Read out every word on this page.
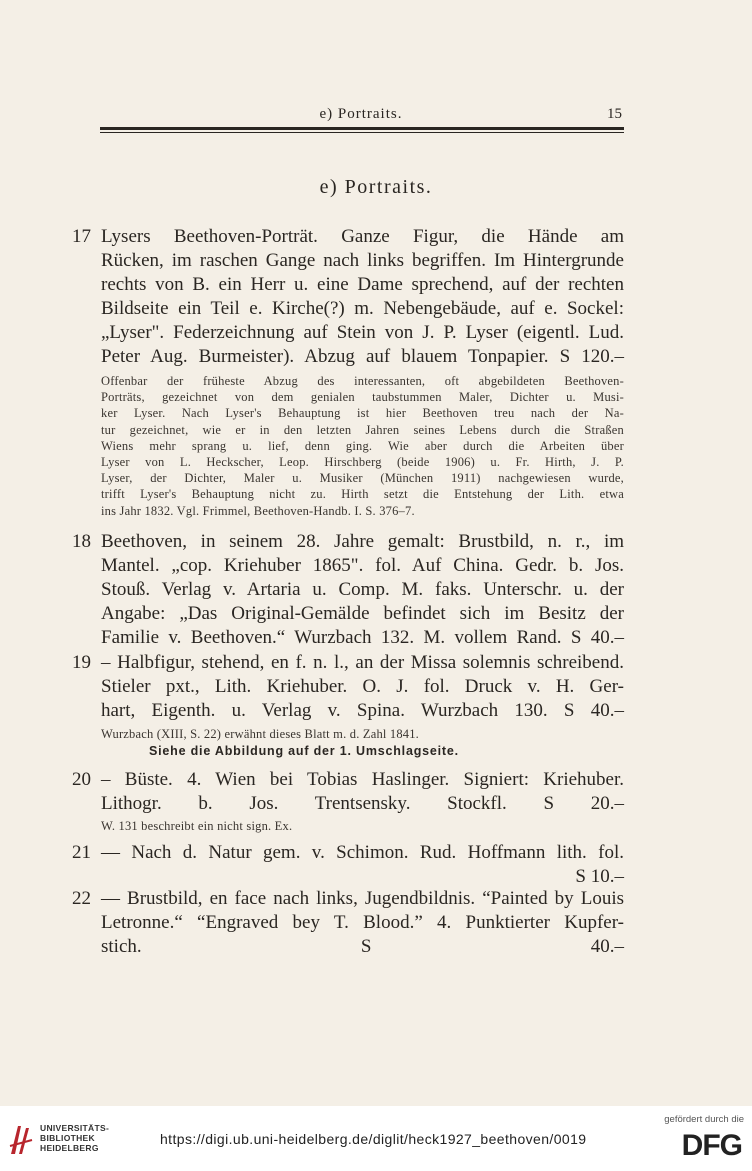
e) Portraits.	15
e) Portraits.
17 Lysers Beethoven-Porträt. Ganze Figur, die Hände am
Rücken, im raschen Gange nach links begriffen. Im Hintergrunde
rechts von B. ein Herr u. eine Dame sprechend, auf der rechten
Bildseite ein Teil e. Kirche(?) m. Nebengebäude, auf e. Sockel:
„Lyser". Federzeichnung auf Stein von J. P. Lyser (eigentl. Lud.
Peter Aug. Burmeister). Abzug auf blauem Tonpapier. S 120.–
Offenbar der früheste Abzug des interessanten, oft abgebildeten Beethoven-
Porträts, gezeichnet von dem genialen taubstummen Maler, Dichter u. Musi-
ker Lyser. Nach Lyser's Behauptung ist hier Beethoven treu nach der Na-
tur gezeichnet, wie er in den letzten Jahren seines Lebens durch die Straßen
Wiens mehr sprang u. lief, denn ging. Wie aber durch die Arbeiten über
Lyser von L. Heckscher, Leop. Hirschberg (beide 1906) u. Fr. Hirth, J. P.
Lyser, der Dichter, Maler u. Musiker (München 1911) nachgewiesen wurde,
trifft Lyser's Behauptung nicht zu. Hirth setzt die Entstehung der Lith. etwa
ins Jahr 1832. Vgl. Frimmel, Beethoven-Handb. I. S. 376–7.
18 Beethoven, in seinem 28. Jahre gemalt: Brustbild, n. r., im
Mantel. „cop. Kriehuber 1865". fol. Auf China. Gedr. b. Jos.
Stouß. Verlag v. Artaria u. Comp. M. faks. Unterschr. u. der
Angabe: „Das Original-Gemälde befindet sich im Besitz der
Familie v. Beethoven.“ Wurzbach 132. M. vollem Rand. S 40.–
19 – Halbfigur, stehend, en f. n. l., an der Missa solemnis schreibend.
Stieler pxt., Lith. Kriehuber. O. J. fol. Druck v. H. Ger-
hart, Eigenth. u. Verlag v. Spina. Wurzbach 130. S 40.–
Wurzbach (XIII, S. 22) erwähnt dieses Blatt m. d. Zahl 1841.
Siehe die Abbildung auf der 1. Umschlagseite.
20 – Büste. 4. Wien bei Tobias Haslinger. Signiert: Kriehuber.
Lithogr. b. Jos. Trentsensky. Stockfl. S 20.–
W. 131 beschreibt ein nicht sign. Ex.
21 — Nach d. Natur gem. v. Schimon. Rud. Hoffmann lith. fol.
S 10.–
22 — Brustbild, en face nach links, Jugendbildnis. “Painted by Louis
Letronne.“ “Engraved bey T. Blood.” 4. Punktierter Kupfer-
stich. S 40.–
UNIVERSITÄTS-
BIBLIOTHEK
HEIDELBERG
https://digi.ub.uni-heidelberg.de/diglit/heck1927_beethoven/0019
gefördert durch die
DFG
